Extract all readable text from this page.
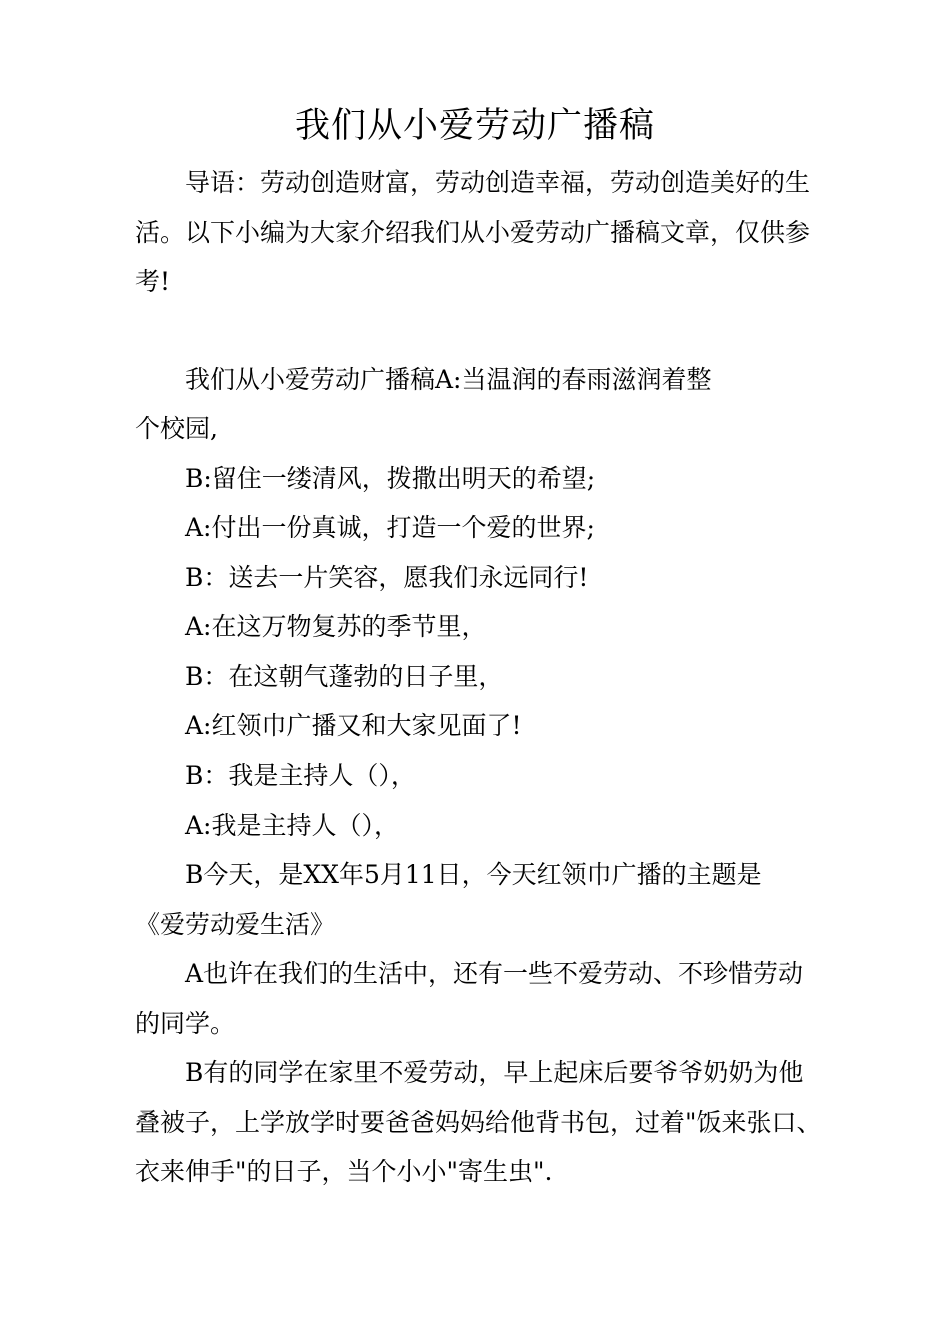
我们从小爱劳动广播稿
导语：劳动创造财富，劳动创造幸福，劳动创造美好的生
活。以下小编为大家介绍我们从小爱劳动广播稿文章，仅供参
考!
我们从小爱劳动广播稿A:当温润的春雨滋润着整
个校园,
B:留住一缕清风，拨撒出明天的希望;
A:付出一份真诚，打造一个爱的世界;
B：送去一片笑容，愿我们永远同行!
A:在这万物复苏的季节里，
B：在这朝气蓬勃的日子里，
A:红领巾广播又和大家见面了!
B：我是主持人（），
A:我是主持人（），
B今天，是XX年5月11日，今天红领巾广播的主题是
《爱劳动爱生活》
A也许在我们的生活中，还有一些不爱劳动、不珍惜劳动
的同学。
B有的同学在家里不爱劳动，早上起床后要爷爷奶奶为他
叠被子，上学放学时要爸爸妈妈给他背书包，过着"饭来张口、
衣来伸手"的日子，当个小小"寄生虫".
